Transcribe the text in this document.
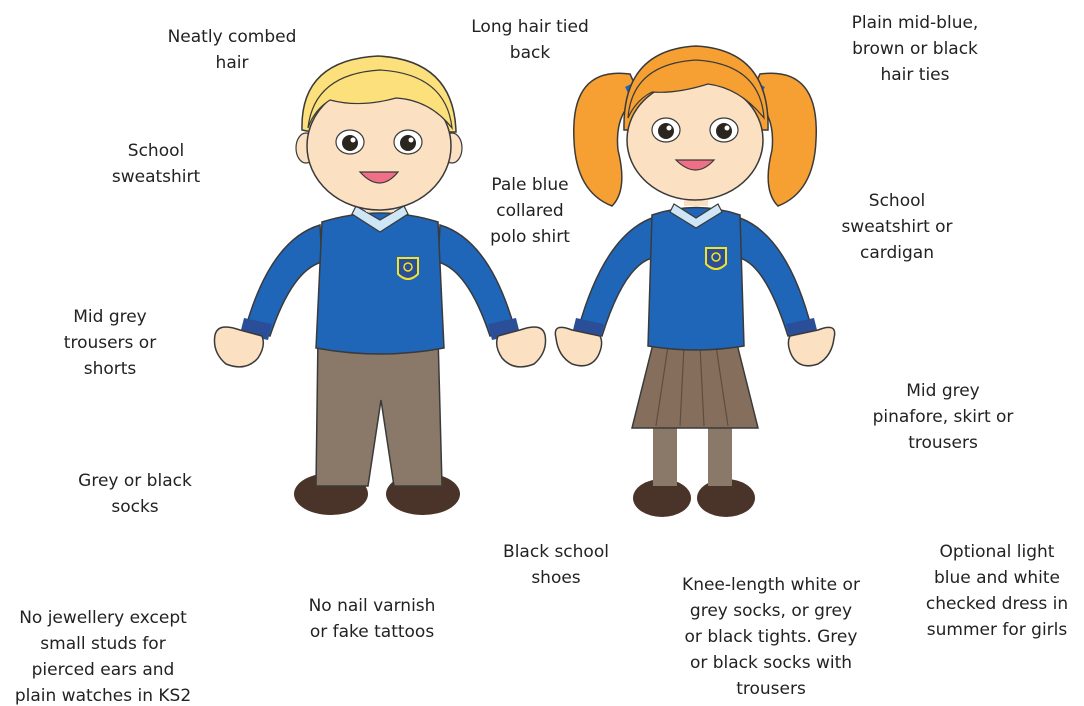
Neatly combed
hair

Long hair tied
back

Plain mid-blue,
brown or black
hair ties

School
sweatshirt	Pale blue
collared
polo shirt

School
sweatshirt or
cardigan

Mid grey
trousers or
shorts

Mid grey
pinafore, skirt or
trousers

Grey or black
socks

Black school
shoes

Optional light
blue and white
checked dress in
summer for girls

No jewellery except
small studs for
pierced ears and
plain watches in KS2

No nail varnish
or fake tattoos

Knee-length white or
grey socks, or grey
or black tights. Grey
or black socks with
trousers
